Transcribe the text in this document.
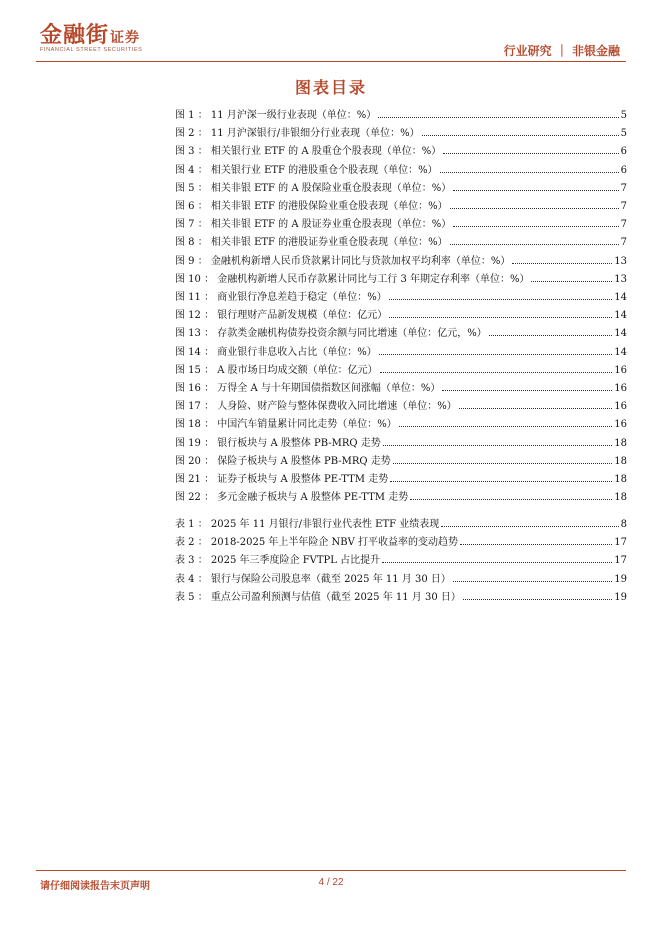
金融街证券
FINANCIAL STREET SECURITIES	行业研究 ｜ 非银金融
图表目录
图 1 ： 11 月沪深一级行业表现（单位：%）	5
图 2 ： 11 月沪深银行/非银细分行业表现（单位：%）	5
图 3 ： 相关银行业 ETF 的 A 股重仓个股表现（单位：%）	6
图 4 ： 相关银行业 ETF 的港股重仓个股表现（单位：%）	6
图 5 ： 相关非银 ETF 的 A 股保险业重仓股表现（单位：%）	7
图 6 ： 相关非银 ETF 的港股保险业重仓股表现（单位：%）	7
图 7 ： 相关非银 ETF 的 A 股证券业重仓股表现（单位：%）	7
图 8 ： 相关非银 ETF 的港股证券业重仓股表现（单位：%）	7
图 9 ： 金融机构新增人民币贷款累计同比与贷款加权平均利率（单位：%）	13
图 10 ： 金融机构新增人民币存款累计同比与工行 3 年期定存利率（单位：%）	13
图 11 ： 商业银行净息差趋于稳定（单位：%）	14
图 12 ： 银行理财产品新发规模（单位：亿元）	14
图 13 ： 存款类金融机构债券投资余额与同比增速（单位：亿元，%）	14
图 14 ： 商业银行非息收入占比（单位：%）	14
图 15 ： A 股市场日均成交额（单位：亿元）	16
图 16 ： 万得全 A 与十年期国债指数区间涨幅（单位：%）	16
图 17 ： 人身险、财产险与整体保费收入同比增速（单位：%）	16
图 18 ： 中国汽车销量累计同比走势（单位：%）	16
图 19 ： 银行板块与 A 股整体 PB-MRQ 走势	18
图 20 ： 保险子板块与 A 股整体 PB-MRQ 走势	18
图 21 ： 证券子板块与 A 股整体 PE-TTM 走势	18
图 22 ： 多元金融子板块与 A 股整体 PE-TTM 走势	18
表 1 ： 2025 年 11 月银行/非银行业代表性 ETF 业绩表现	8
表 2 ： 2018-2025 年上半年险企 NBV 打平收益率的变动趋势	17
表 3 ： 2025 年三季度险企 FVTPL 占比提升	17
表 4 ： 银行与保险公司股息率（截至 2025 年 11 月 30 日）	19
表 5 ： 重点公司盈利预测与估值（截至 2025 年 11 月 30 日）	19
请仔细阅读报告末页声明	4 / 22
